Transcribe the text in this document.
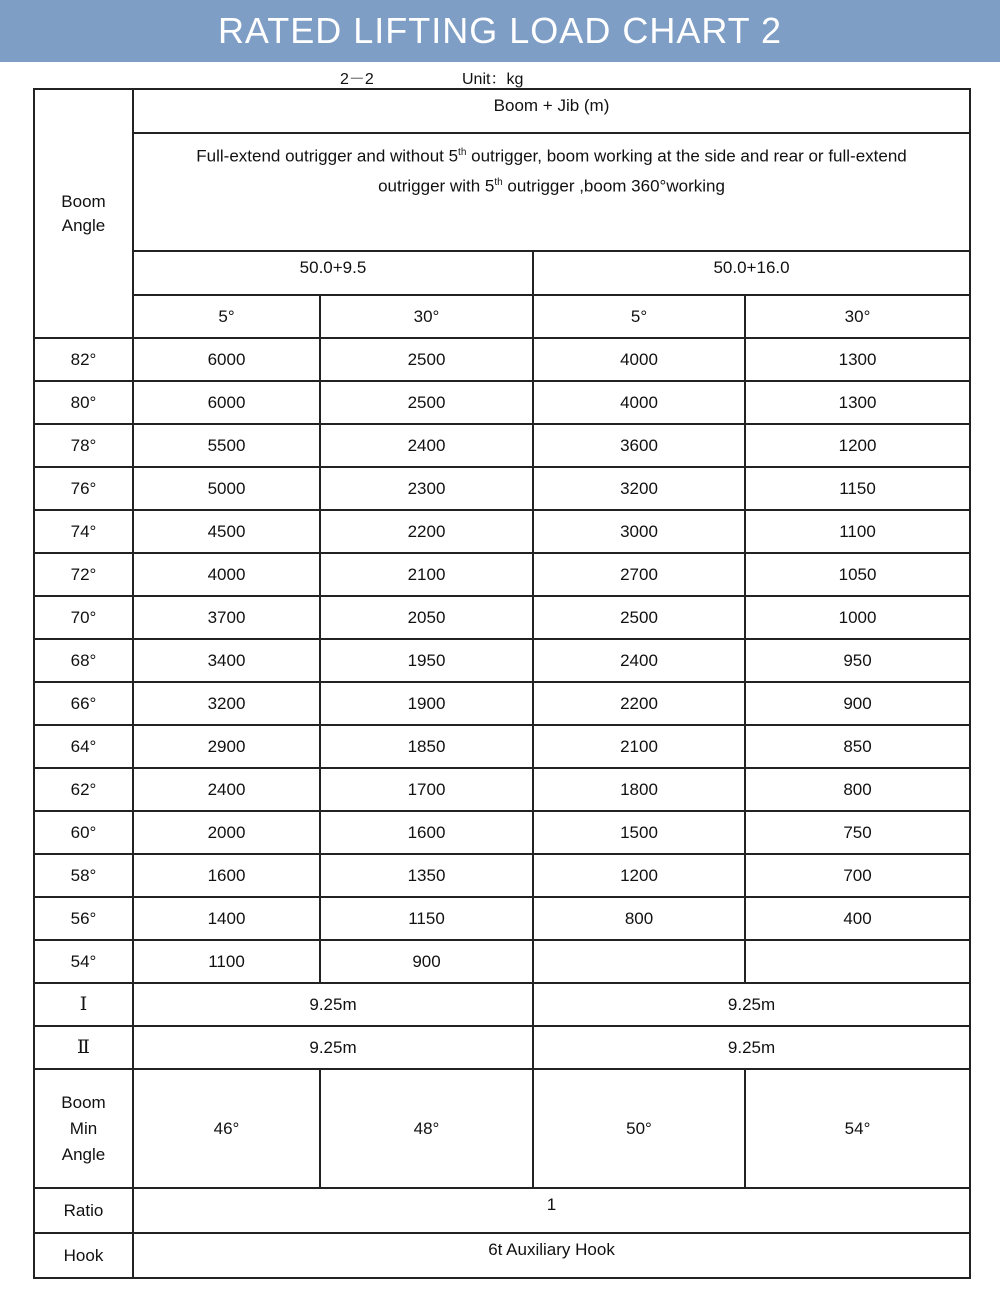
RATED LIFTING LOAD CHART 2
2－2	Unit：kg
Boom
Angle	Boom + Jib (m)			

	Full-extend outrigger and without 5th outrigger, boom working at the side and rear or full-extend
outrigger with 5th outrigger ,boom 360°working			

	50.0+9.5		50.0+16.0	
	5°	30°	5°	30°
82°	6000	2500	4000	1300
80°	6000	2500	4000	1300
78°	5500	2400	3600	1200
76°	5000	2300	3200	1150
74°	4500	2200	3000	1100
72°	4000	2100	2700	1050
70°	3700	2050	2500	1000
68°	3400	1950	2400	950
66°	3200	1900	2200	900
64°	2900	1850	2100	850
62°	2400	1700	1800	800
60°	2000	1600	1500	750
58°	1600	1350	1200	700
56°	1400	1150	800	400
54°	1100	900		
Ⅰ	9.25m		9.25m	
Ⅱ	9.25m		9.25m	

Boom
Min
Angle	46°	48°	50°	54°
Ratio	1			
Hook	6t Auxiliary Hook			
